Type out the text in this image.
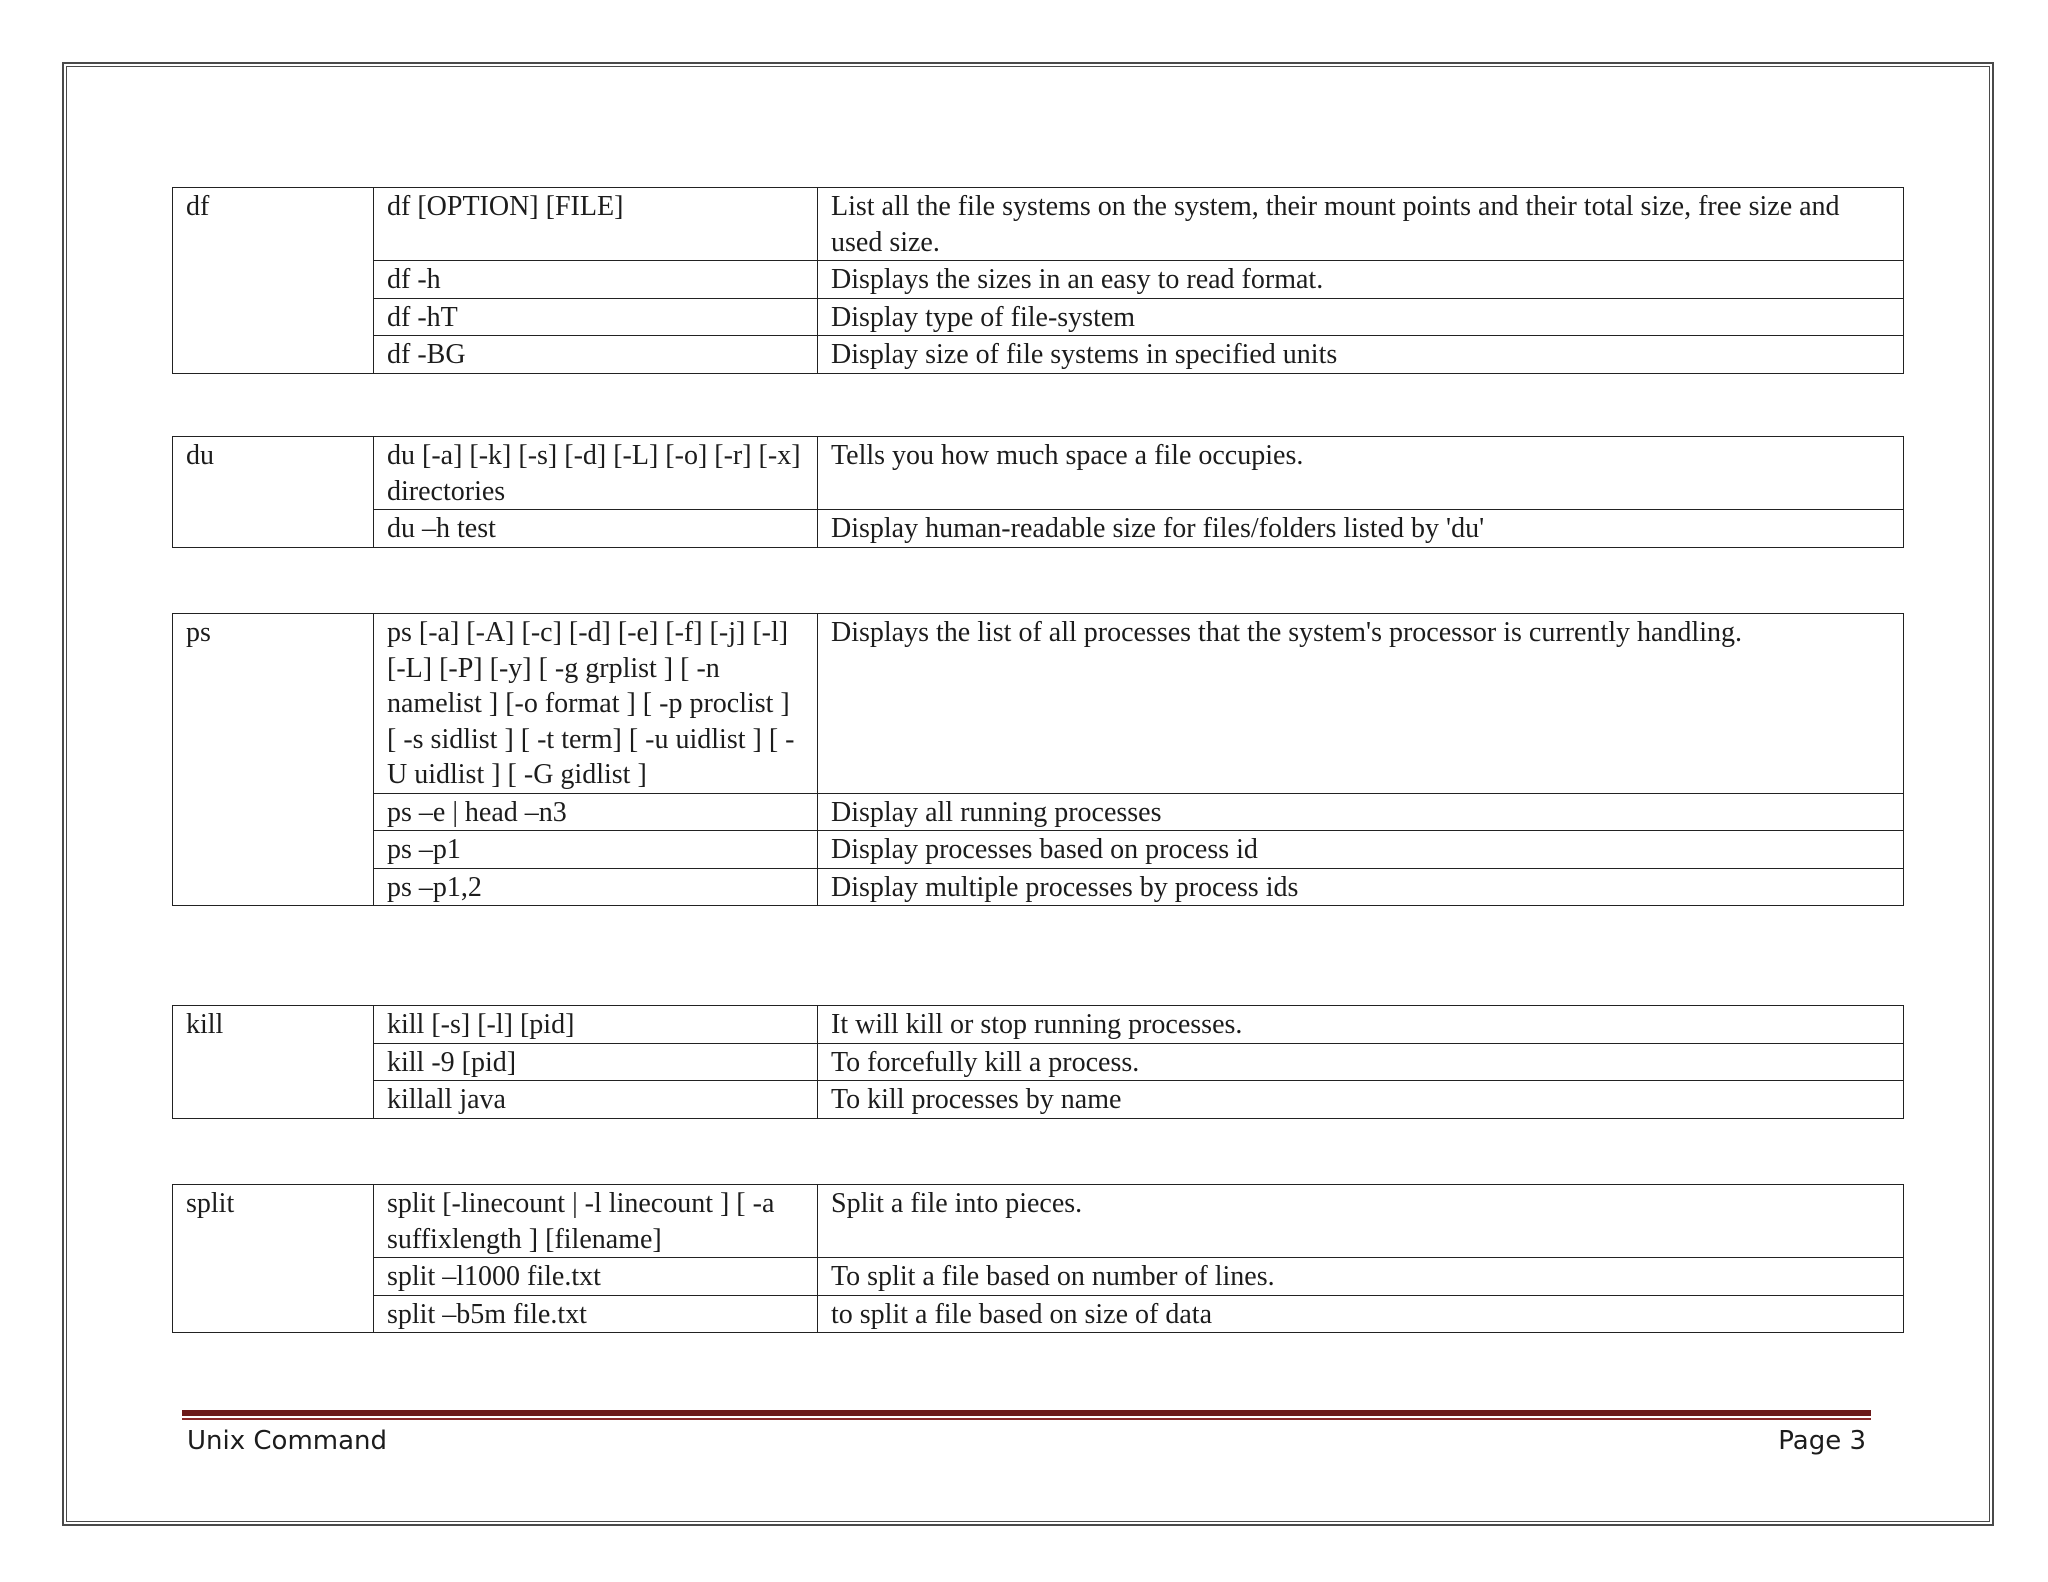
df	df [OPTION] [FILE]	List all the file systems on the system, their mount points and their total size, free size and used size.
	df -h	Displays the sizes in an easy to read format.
	df -hT	Display type of file-system
	df -BG	Display size of file systems in specified units
du	du [-a] [-k] [-s] [-d] [-L] [-o] [-r] [-x] directories	Tells you how much space a file occupies.
	du –h test	Display human-readable size for files/folders listed by 'du'
ps	ps [-a] [-A] [-c] [-d] [-e] [-f] [-j] [-l] [-L] [-P] [-y] [ -g grplist ] [ -n namelist ] [-o format ] [ -p proclist ] [ -s sidlist ] [ -t term] [ -u uidlist ] [ -U uidlist ] [ -G gidlist ]	Displays the list of all processes that the system's processor is currently handling.
	ps –e | head –n3	Display all running processes
	ps –p1	Display processes based on process id
	ps –p1,2	Display multiple processes by process ids
kill	kill [-s] [-l] [pid]	It will kill or stop running processes.
	kill -9 [pid]	To forcefully kill a process.
	killall java	To kill processes by name
split	split [-linecount | -l linecount ] [ -a suffixlength ] [filename]	Split a file into pieces.
	split –l1000 file.txt	To split a file based on number of lines.
	split –b5m file.txt	to split a file based on size of data
Unix Command	Page 3
